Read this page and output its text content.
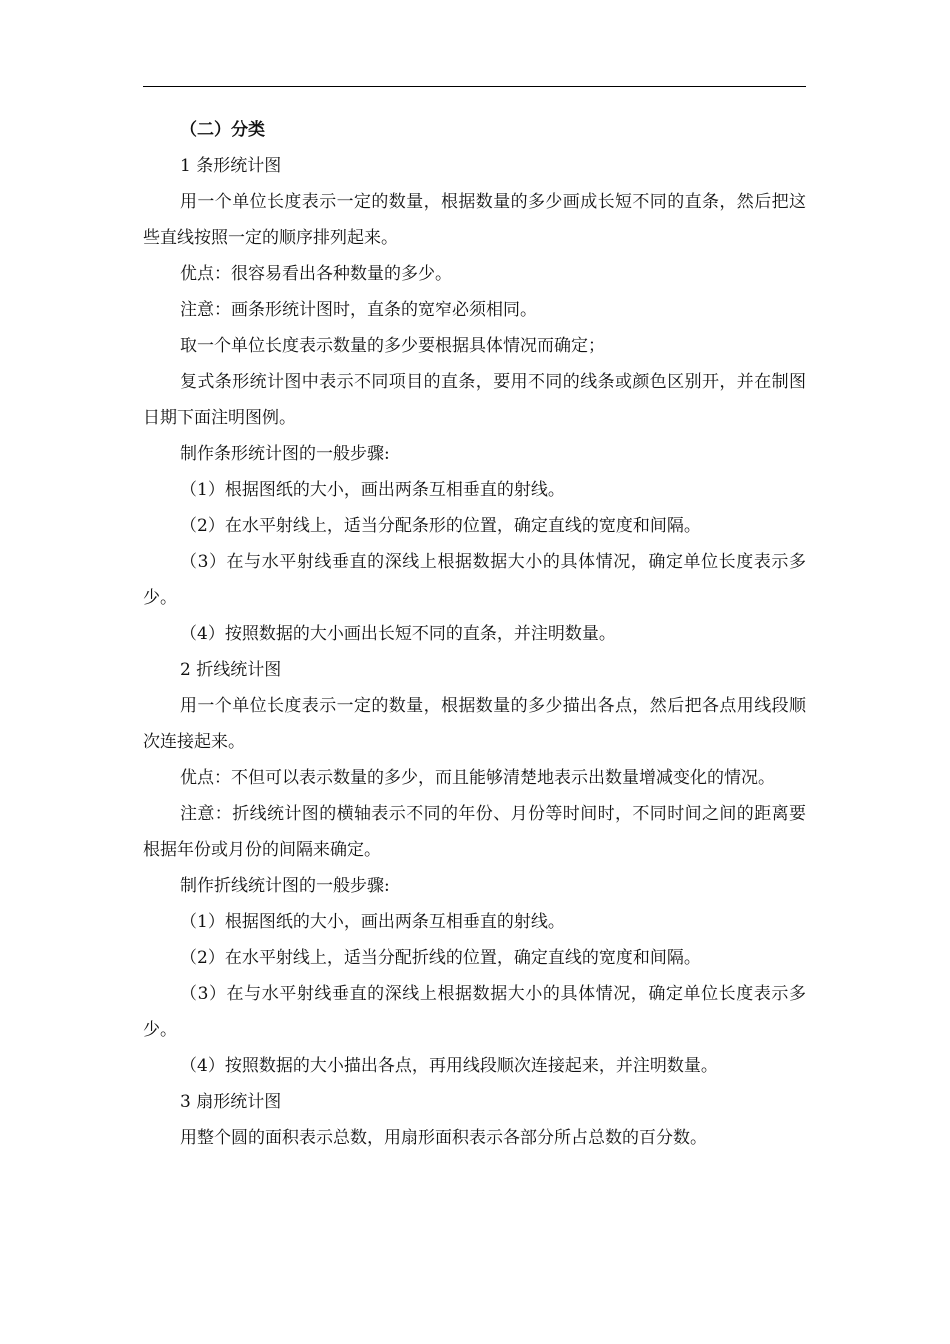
（二）分类

1 条形统计图

用一个单位长度表示一定的数量，根据数量的多少画成长短不同的直条，然后把这些直线按照一定的顺序排列起来。

优点：很容易看出各种数量的多少。

注意：画条形统计图时，直条的宽窄必须相同。

取一个单位长度表示数量的多少要根据具体情况而确定；

复式条形统计图中表示不同项目的直条，要用不同的线条或颜色区别开，并在制图日期下面注明图例。

制作条形统计图的一般步骤:

（1）根据图纸的大小，画出两条互相垂直的射线。

（2）在水平射线上，适当分配条形的位置，确定直线的宽度和间隔。

（3）在与水平射线垂直的深线上根据数据大小的具体情况，确定单位长度表示多少。

（4）按照数据的大小画出长短不同的直条，并注明数量。

2 折线统计图

用一个单位长度表示一定的数量，根据数量的多少描出各点，然后把各点用线段顺次连接起来。

优点：不但可以表示数量的多少，而且能够清楚地表示出数量增减变化的情况。

注意：折线统计图的横轴表示不同的年份、月份等时间时，不同时间之间的距离要根据年份或月份的间隔来确定。

制作折线统计图的一般步骤:

（1）根据图纸的大小，画出两条互相垂直的射线。

（2）在水平射线上，适当分配折线的位置，确定直线的宽度和间隔。

（3）在与水平射线垂直的深线上根据数据大小的具体情况，确定单位长度表示多少。

（4）按照数据的大小描出各点，再用线段顺次连接起来，并注明数量。

3 扇形统计图

用整个圆的面积表示总数，用扇形面积表示各部分所占总数的百分数。
